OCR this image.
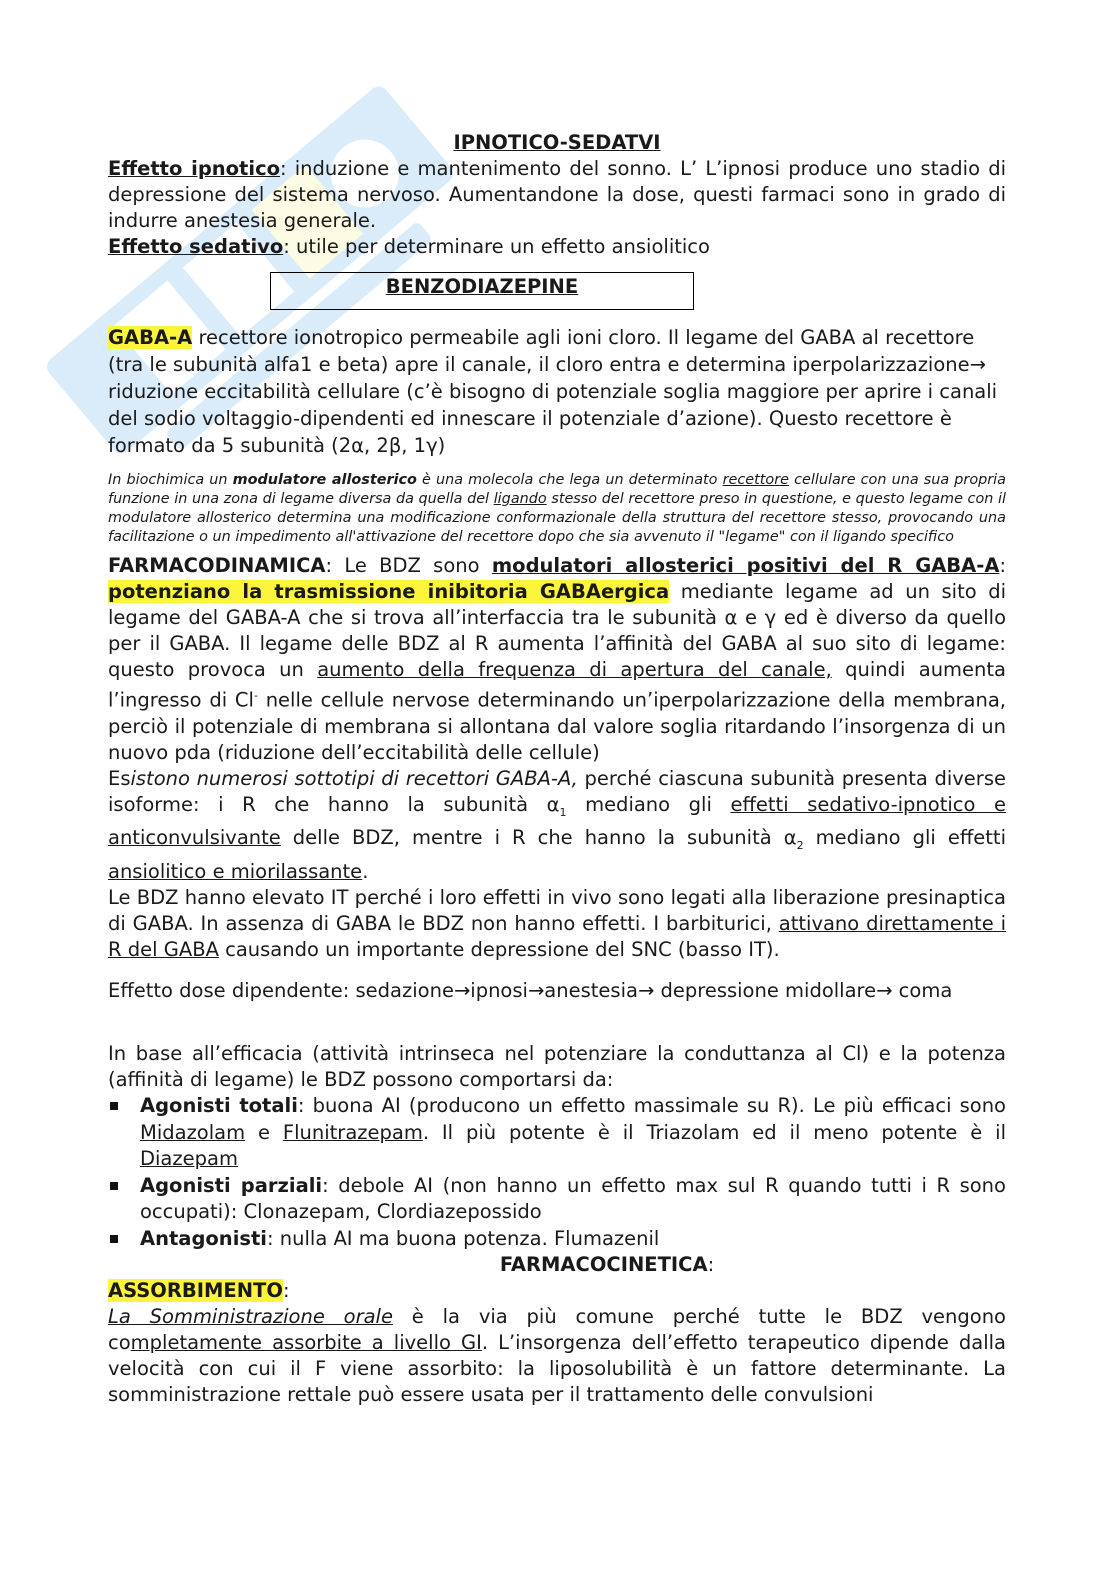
IPNOTICO-SEDATVI

Effetto ipnotico: induzione e mantenimento del sonno. L’ L’ipnosi produce uno stadio di depressione del sistema nervoso. Aumentandone la dose, questi farmaci sono in grado di indurre anestesia generale.

Effetto sedativo: utile per determinare un effetto ansiolitico

BENZODIAZEPINE

GABA-A recettore ionotropico permeabile agli ioni cloro. Il legame del GABA al recettore (tra le subunità alfa1 e beta) apre il canale, il cloro entra e determina iperpolarizzazione→ riduzione eccitabilità cellulare (c’è bisogno di potenziale soglia maggiore per aprire i canali del sodio voltaggio-dipendenti ed innescare il potenziale d’azione). Questo recettore è formato da 5 subunità (2α, 2β, 1γ)

In biochimica un modulatore allosterico è una molecola che lega un determinato recettore cellulare con una sua propria funzione in una zona di legame diversa da quella del ligando stesso del recettore preso in questione, e questo legame con il modulatore allosterico determina una modificazione conformazionale della struttura del recettore stesso, provocando una facilitazione o un impedimento all'attivazione del recettore dopo che sia avvenuto il "legame" con il ligando specifico

FARMACODINAMICA: Le BDZ sono modulatori allosterici positivi del R GABA-A: potenziano la trasmissione inibitoria GABAergica mediante legame ad un sito di legame del GABA-A che si trova all’interfaccia tra le subunità α e γ ed è diverso da quello per il GABA. Il legame delle BDZ al R aumenta l’affinità del GABA al suo sito di legame: questo provoca un aumento della frequenza di apertura del canale, quindi aumenta l’ingresso di Cl- nelle cellule nervose determinando un’iperpolarizzazione della membrana, perciò il potenziale di membrana si allontana dal valore soglia ritardando l’insorgenza di un nuovo pda (riduzione dell’eccitabilità delle cellule)

Esistono numerosi sottotipi di recettori GABA-A, perché ciascuna subunità presenta diverse isoforme: i R che hanno la subunità $\alpha_1$ mediano gli effetti sedativo-ipnotico e anticonvulsivante delle BDZ, mentre i R che hanno la subunità $\alpha_2$ mediano gli effetti ansiolitico e miorilassante.

Le BDZ hanno elevato IT perché i loro effetti in vivo sono legati alla liberazione presinaptica di GABA. In assenza di GABA le BDZ non hanno effetti. I barbiturici, attivano direttamente i R del GABA causando un importante depressione del SNC (basso IT).

Effetto dose dipendente: sedazione→ipnosi→anestesia→ depressione midollare→ coma

In base all’efficacia (attività intrinseca nel potenziare la conduttanza al Cl) e la potenza (affinità di legame) le BDZ possono comportarsi da:

Agonisti totali: buona AI (producono un effetto massimale su R). Le più efficaci sono Midazolam e Flunitrazepam. Il più potente è il Triazolam ed il meno potente è il Diazepam
Agonisti parziali: debole AI (non hanno un effetto max sul R quando tutti i R sono occupati): Clonazepam, Clordiazepossido
Antagonisti: nulla AI ma buona potenza. Flumazenil

FARMACOCINETICA:

ASSORBIMENTO:

La Somministrazione orale è la via più comune perché tutte le BDZ vengono completamente assorbite a livello GI. L’insorgenza dell’effetto terapeutico dipende dalla velocità con cui il F viene assorbito: la liposolubilità è un fattore determinante. La somministrazione rettale può essere usata per il trattamento delle convulsioni
